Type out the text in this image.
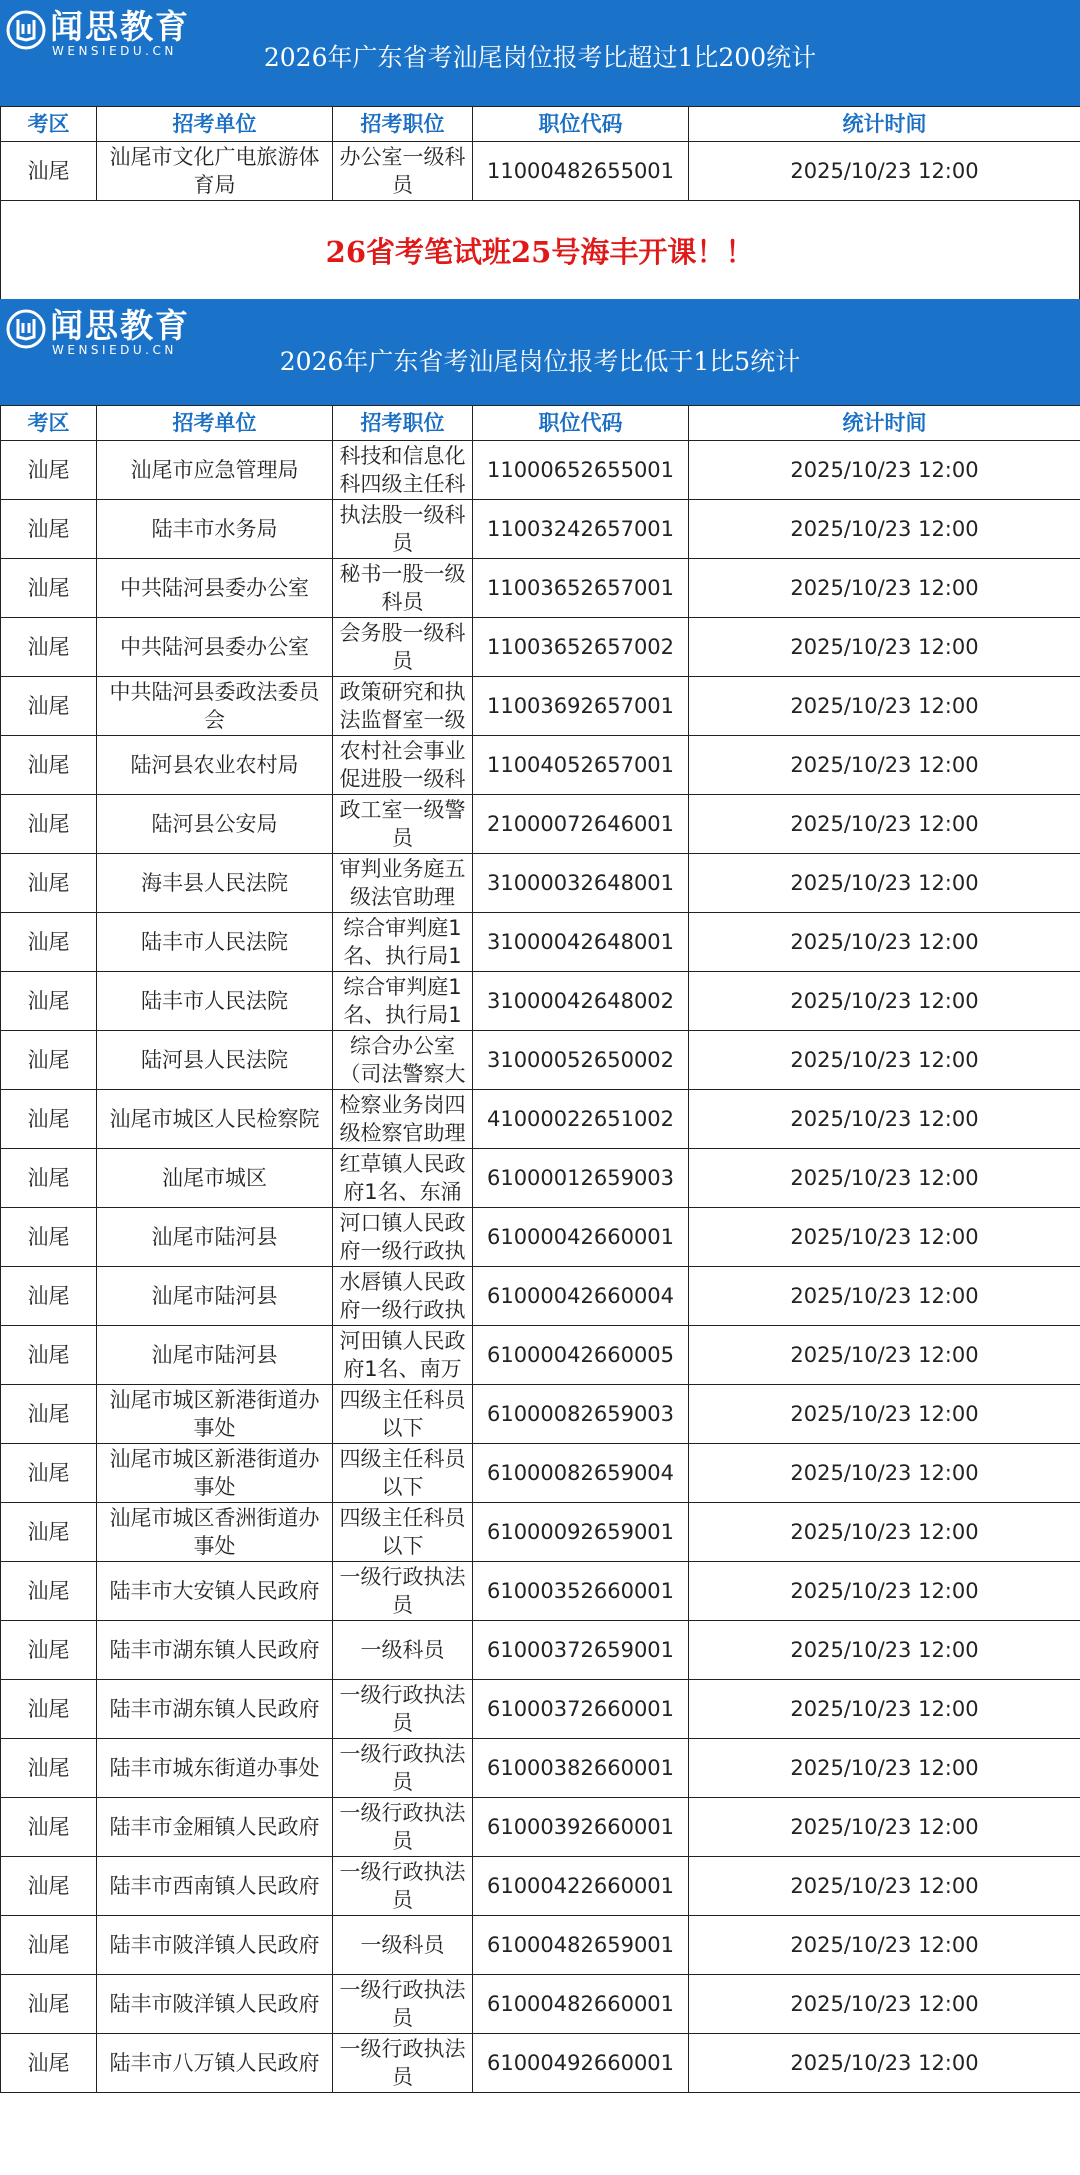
闻思教育
WENSIEDU.CN	2026年广东省考汕尾岗位报考比超过1比200统计
考区	招考单位	招考职位	职位代码	统计时间

汕尾	汕尾市文化广电旅游体育局	办公室一级科员	11000482655001	2025/10/23 12:00
26省考笔试班25号海丰开课！！
闻思教育
WENSIEDU.CN	2026年广东省考汕尾岗位报考比低于1比5统计
考区	招考单位	招考职位	职位代码	统计时间

汕尾	汕尾市应急管理局	科技和信息化科四级主任科	11000652655001	2025/10/23 12:00

汕尾	陆丰市水务局	执法股一级科员	11003242657001	2025/10/23 12:00

汕尾	中共陆河县委办公室	秘书一股一级科员	11003652657001	2025/10/23 12:00

汕尾	中共陆河县委办公室	会务股一级科员	11003652657002	2025/10/23 12:00

汕尾	中共陆河县委政法委员会	政策研究和执法监督室一级	11003692657001	2025/10/23 12:00

汕尾	陆河县农业农村局	农村社会事业促进股一级科	11004052657001	2025/10/23 12:00

汕尾	陆河县公安局	政工室一级警员	21000072646001	2025/10/23 12:00

汕尾	海丰县人民法院	审判业务庭五级法官助理	31000032648001	2025/10/23 12:00

汕尾	陆丰市人民法院	综合审判庭1名、执行局1	31000042648001	2025/10/23 12:00

汕尾	陆丰市人民法院	综合审判庭1名、执行局1	31000042648002	2025/10/23 12:00

汕尾	陆河县人民法院	综合办公室（司法警察大	31000052650002	2025/10/23 12:00

汕尾	汕尾市城区人民检察院	检察业务岗四级检察官助理	41000022651002	2025/10/23 12:00

汕尾	汕尾市城区	红草镇人民政府1名、东涌	61000012659003	2025/10/23 12:00

汕尾	汕尾市陆河县	河口镇人民政府一级行政执	61000042660001	2025/10/23 12:00

汕尾	汕尾市陆河县	水唇镇人民政府一级行政执	61000042660004	2025/10/23 12:00

汕尾	汕尾市陆河县	河田镇人民政府1名、南万	61000042660005	2025/10/23 12:00

汕尾	汕尾市城区新港街道办事处	四级主任科员以下	61000082659003	2025/10/23 12:00

汕尾	汕尾市城区新港街道办事处	四级主任科员以下	61000082659004	2025/10/23 12:00

汕尾	汕尾市城区香洲街道办事处	四级主任科员以下	61000092659001	2025/10/23 12:00

汕尾	陆丰市大安镇人民政府	一级行政执法员	61000352660001	2025/10/23 12:00

汕尾	陆丰市湖东镇人民政府	一级科员	61000372659001	2025/10/23 12:00

汕尾	陆丰市湖东镇人民政府	一级行政执法员	61000372660001	2025/10/23 12:00

汕尾	陆丰市城东街道办事处	一级行政执法员	61000382660001	2025/10/23 12:00

汕尾	陆丰市金厢镇人民政府	一级行政执法员	61000392660001	2025/10/23 12:00

汕尾	陆丰市西南镇人民政府	一级行政执法员	61000422660001	2025/10/23 12:00

汕尾	陆丰市陂洋镇人民政府	一级科员	61000482659001	2025/10/23 12:00

汕尾	陆丰市陂洋镇人民政府	一级行政执法员	61000482660001	2025/10/23 12:00

汕尾	陆丰市八万镇人民政府	一级行政执法员	61000492660001	2025/10/23 12:00
